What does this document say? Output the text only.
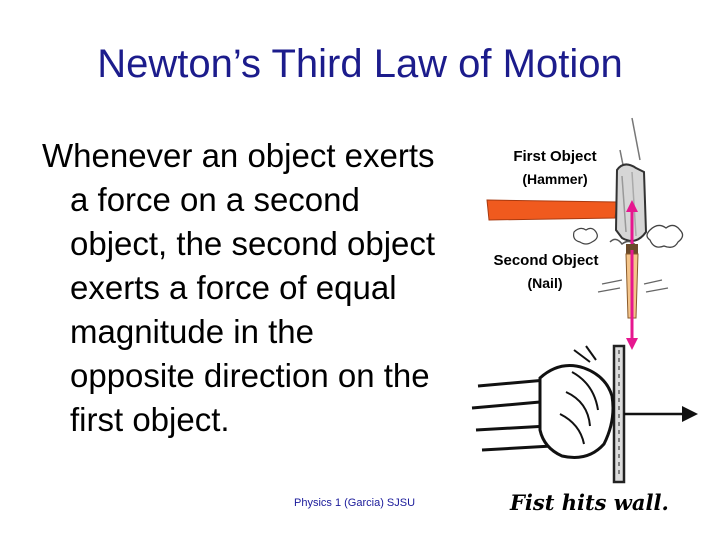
Newton’s Third Law of Motion
Whenever an object exerts
a force on a second
object, the second object
exerts a force of equal
magnitude in the
opposite direction on the
first object.
First Object
(Hammer)
Second Object
(Nail)
Fist hits wall.
Physics 1 (Garcia) SJSU
